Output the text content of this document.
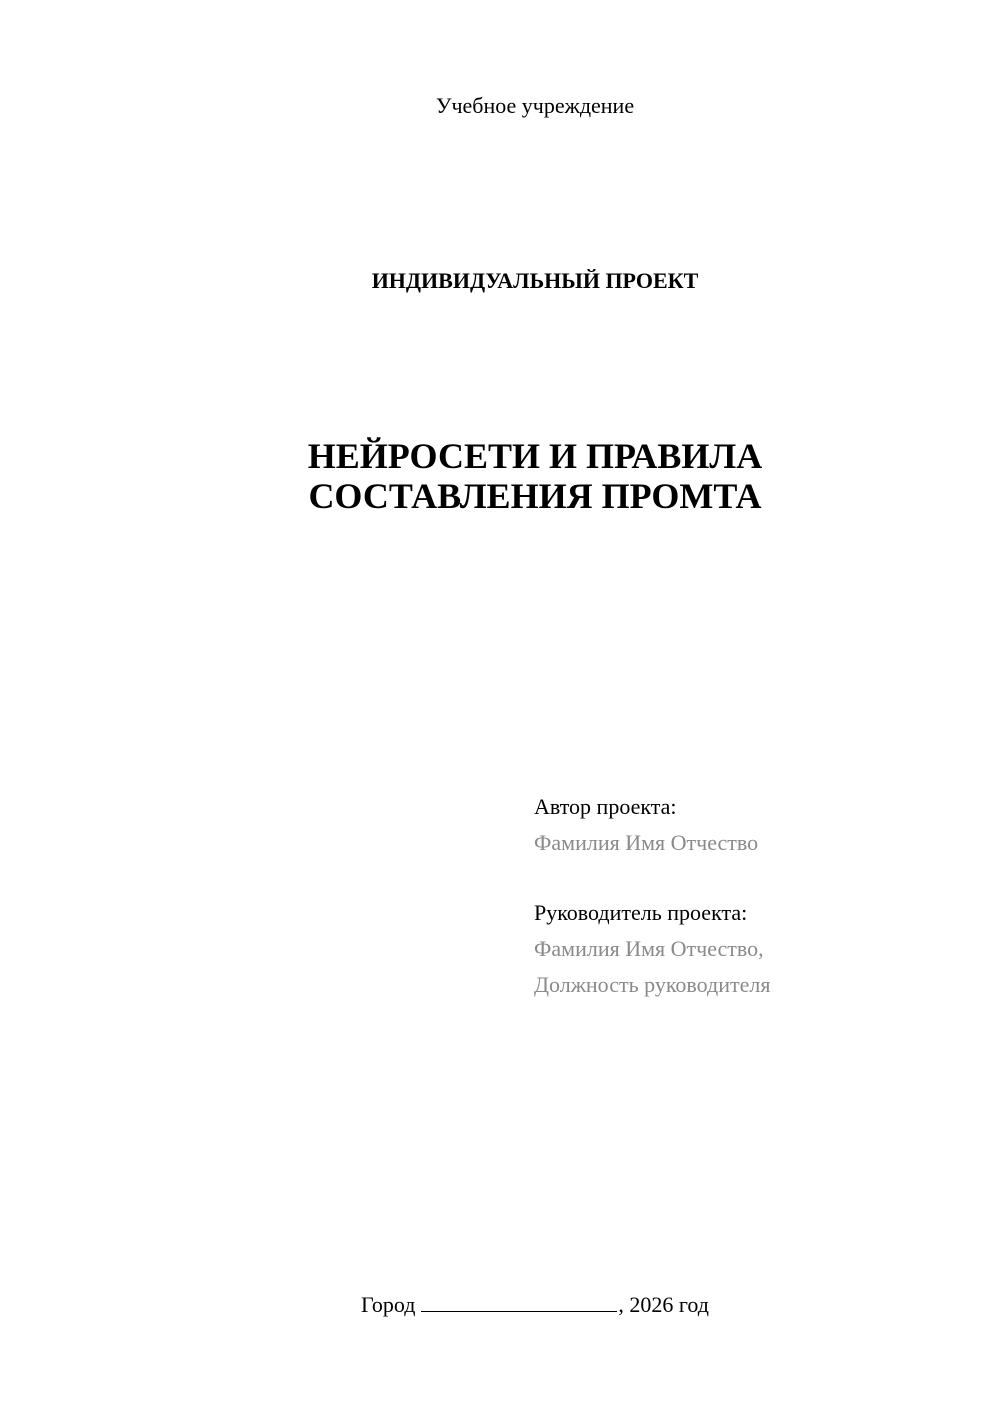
Учебное учреждение
ИНДИВИДУАЛЬНЫЙ ПРОЕКТ
НЕЙРОСЕТИ И ПРАВИЛА
СОСТАВЛЕНИЯ ПРОМТА
Автор проекта:
Фамилия Имя Отчество
Руководитель проекта:
Фамилия Имя Отчество,
Должность руководителя
Город	, 2026 год
